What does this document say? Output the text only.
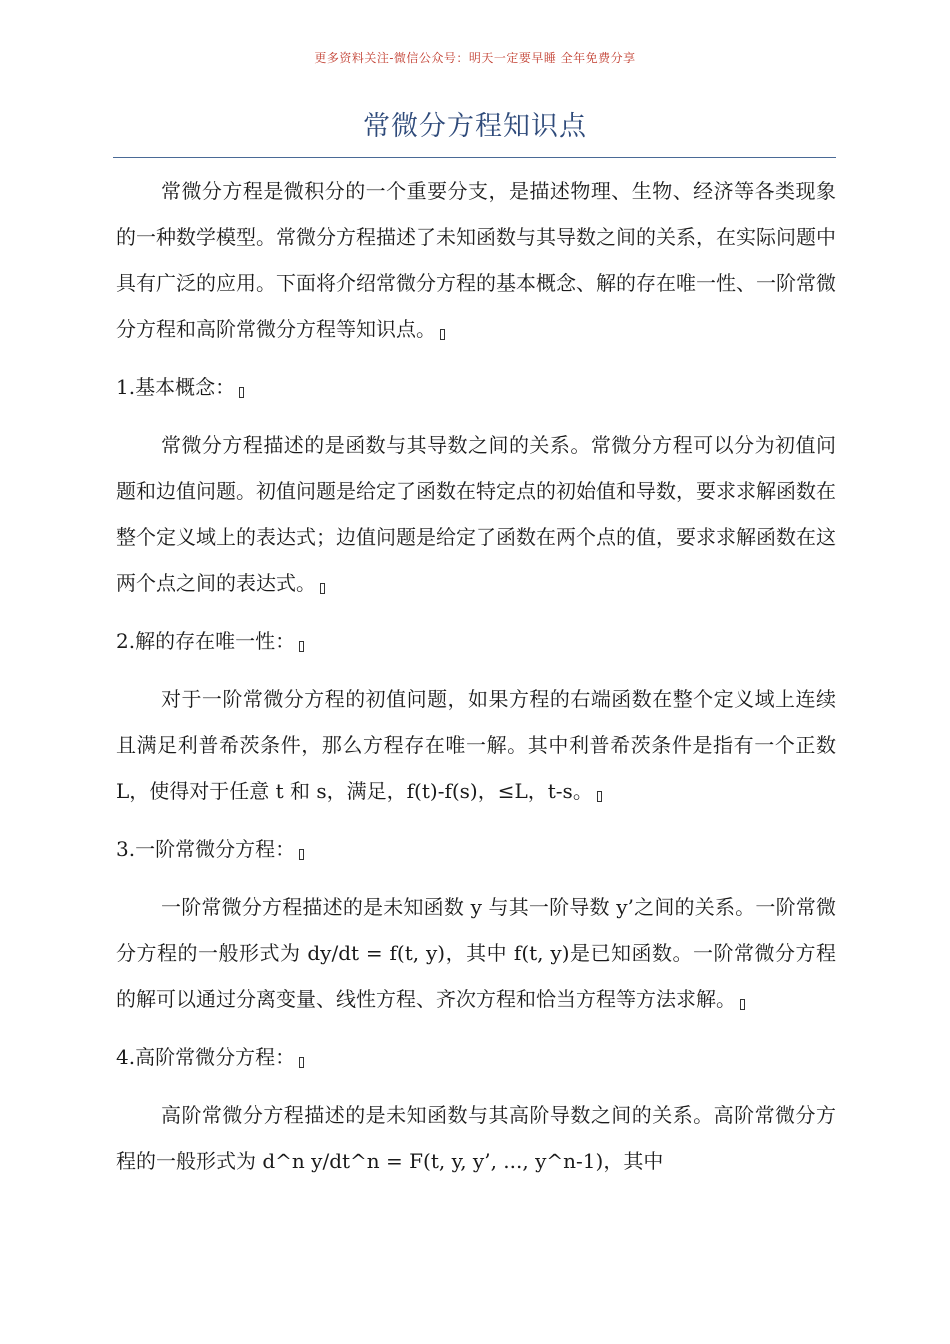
更多资料关注-微信公众号：明天一定要早睡 全年免费分享
常微分方程知识点

常微分方程是微积分的一个重要分支，是描述物理、生物、经济等各类现象的一种数学模型。常微分方程描述了未知函数与其导数之间的关系，在实际问题中具有广泛的应用。下面将介绍常微分方程的基本概念、解的存在唯一性、一阶常微分方程和高阶常微分方程等知识点。

1.基本概念：

常微分方程描述的是函数与其导数之间的关系。常微分方程可以分为初值问题和边值问题。初值问题是给定了函数在特定点的初始值和导数，要求求解函数在整个定义域上的表达式；边值问题是给定了函数在两个点的值，要求求解函数在这两个点之间的表达式。

2.解的存在唯一性：

对于一阶常微分方程的初值问题，如果方程的右端函数在整个定义域上连续且满足利普希茨条件，那么方程存在唯一解。其中利普希茨条件是指有一个正数 L，使得对于任意 t 和 s，满足，f(t)-f(s)，≤L，t-s。

3.一阶常微分方程：

一阶常微分方程描述的是未知函数 y 与其一阶导数 y’之间的关系。一阶常微分方程的一般形式为 dy/dt = f(t, y)，其中 f(t, y)是已知函数。一阶常微分方程的解可以通过分离变量、线性方程、齐次方程和恰当方程等方法求解。

4.高阶常微分方程：

高阶常微分方程描述的是未知函数与其高阶导数之间的关系。高阶常微分方程的一般形式为 d^n y/dt^n = F(t, y, y’, ..., y^n-1)，其中
